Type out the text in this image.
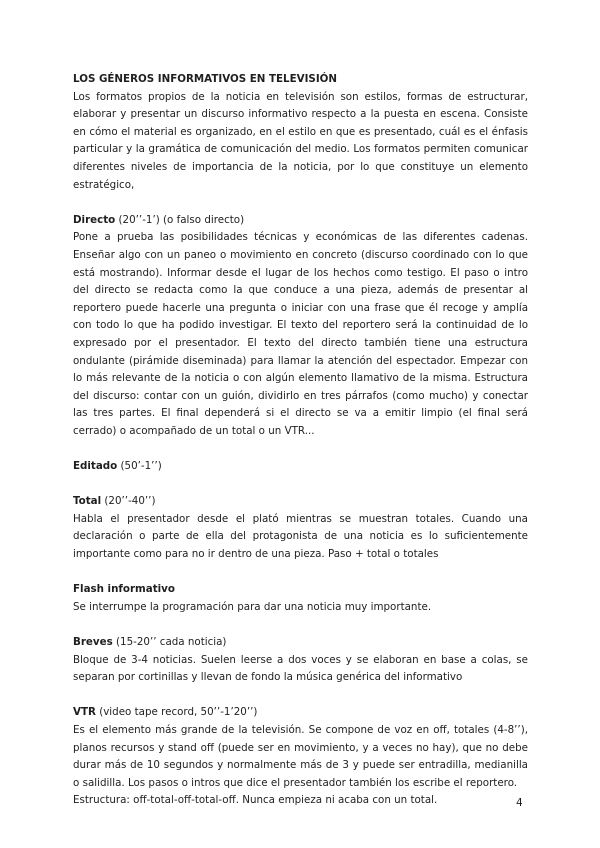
LOS GÉNEROS INFORMATIVOS EN TELEVISIÓN

Los formatos propios de la noticia en televisión son estilos, formas de estructurar, elaborar y presentar un discurso informativo respecto a la puesta en escena. Consiste en cómo el material es organizado, en el estilo en que es presentado, cuál es el énfasis particular y la gramática de comunicación del medio. Los formatos permiten comunicar diferentes niveles de importancia de la noticia, por lo que constituye un elemento estratégico,

Directo (20’’-1’) (o falso directo)

Pone a prueba las posibilidades técnicas y económicas de las diferentes cadenas. Enseñar algo con un paneo o movimiento en concreto (discurso coordinado con lo que está mostrando). Informar desde el lugar de los hechos como testigo. El paso o intro del directo se redacta como la que conduce a una pieza, además de presentar al reportero puede hacerle una pregunta o iniciar con una frase que él recoge y amplía con todo lo que ha podido investigar. El texto del reportero será la continuidad de lo expresado por el presentador. El texto del directo también tiene una estructura ondulante (pirámide diseminada) para llamar la atención del espectador. Empezar con lo más relevante de la noticia o con algún elemento llamativo de la misma. Estructura del discurso: contar con un guión, dividirlo en tres párrafos (como mucho) y conectar las tres partes. El final dependerá si el directo se va a emitir limpio (el final será cerrado) o acompañado de un total o un VTR...

Editado (50’-1’’)
Total (20’’-40’’)

Habla el presentador desde el plató mientras se muestran totales. Cuando una declaración o parte de ella del protagonista de una noticia es lo suficientemente importante como para no ir dentro de una pieza. Paso + total o totales

Flash informativo

Se interrumpe la programación para dar una noticia muy importante.

Breves (15-20’’ cada noticia)

Bloque de 3-4 noticias. Suelen leerse a dos voces y se elaboran en base a colas, se separan por cortinillas y llevan de fondo la música genérica del informativo

VTR (video tape record, 50’’-1’20’’)

Es el elemento más grande de la televisión. Se compone de voz en off, totales (4-8’’), planos recursos y stand off (puede ser en movimiento, y a veces no hay), que no debe durar más de 10 segundos y normalmente más de 3 y puede ser entradilla, medianilla o salidilla. Los pasos o intros que dice el presentador también los escribe el reportero.

Estructura: off-total-off-total-off. Nunca empieza ni acaba con un total.	4
